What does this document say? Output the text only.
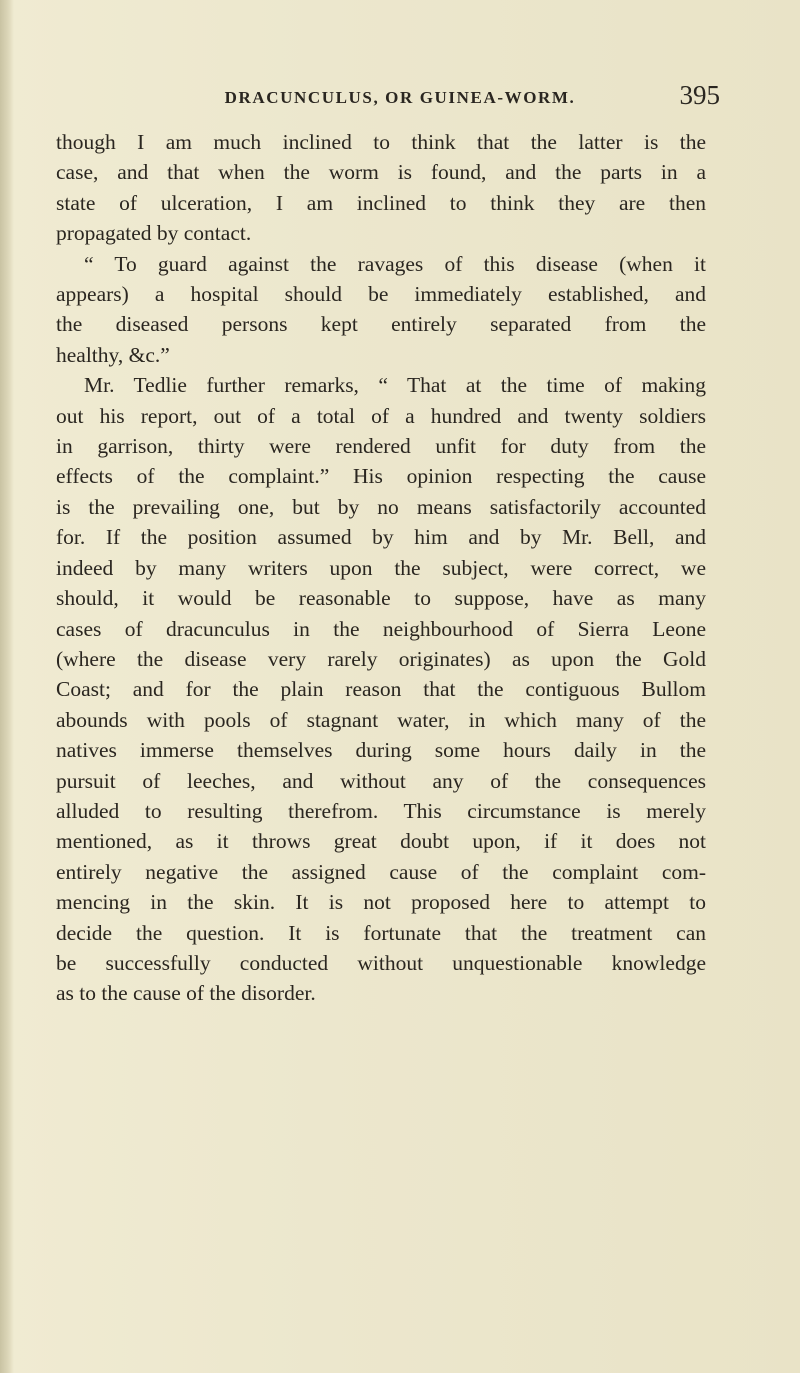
DRACUNCULUS, OR GUINEA-WORM.	395

though I am much inclined to think that the latter is the

case, and that when the worm is found, and the parts in a

state of ulceration, I am inclined to think they are then

propagated by contact.

“ To guard against the ravages of this disease (when it

appears) a hospital should be immediately established, and

the diseased persons kept entirely separated from the

healthy, &c.”

Mr. Tedlie further remarks, “ That at the time of making

out his report, out of a total of a hundred and twenty soldiers

in garrison, thirty were rendered unfit for duty from the

effects of the complaint.” His opinion respecting the cause

is the prevailing one, but by no means satisfactorily accounted

for. If the position assumed by him and by Mr. Bell, and

indeed by many writers upon the subject, were correct, we

should, it would be reasonable to suppose, have as many

cases of dracunculus in the neighbourhood of Sierra Leone

(where the disease very rarely originates) as upon the Gold

Coast; and for the plain reason that the contiguous Bullom

abounds with pools of stagnant water, in which many of the

natives immerse themselves during some hours daily in the

pursuit of leeches, and without any of the consequences

alluded to resulting therefrom. This circumstance is merely

mentioned, as it throws great doubt upon, if it does not

entirely negative the assigned cause of the complaint com-

mencing in the skin. It is not proposed here to attempt to

decide the question. It is fortunate that the treatment can

be successfully conducted without unquestionable knowledge

as to the cause of the disorder.
